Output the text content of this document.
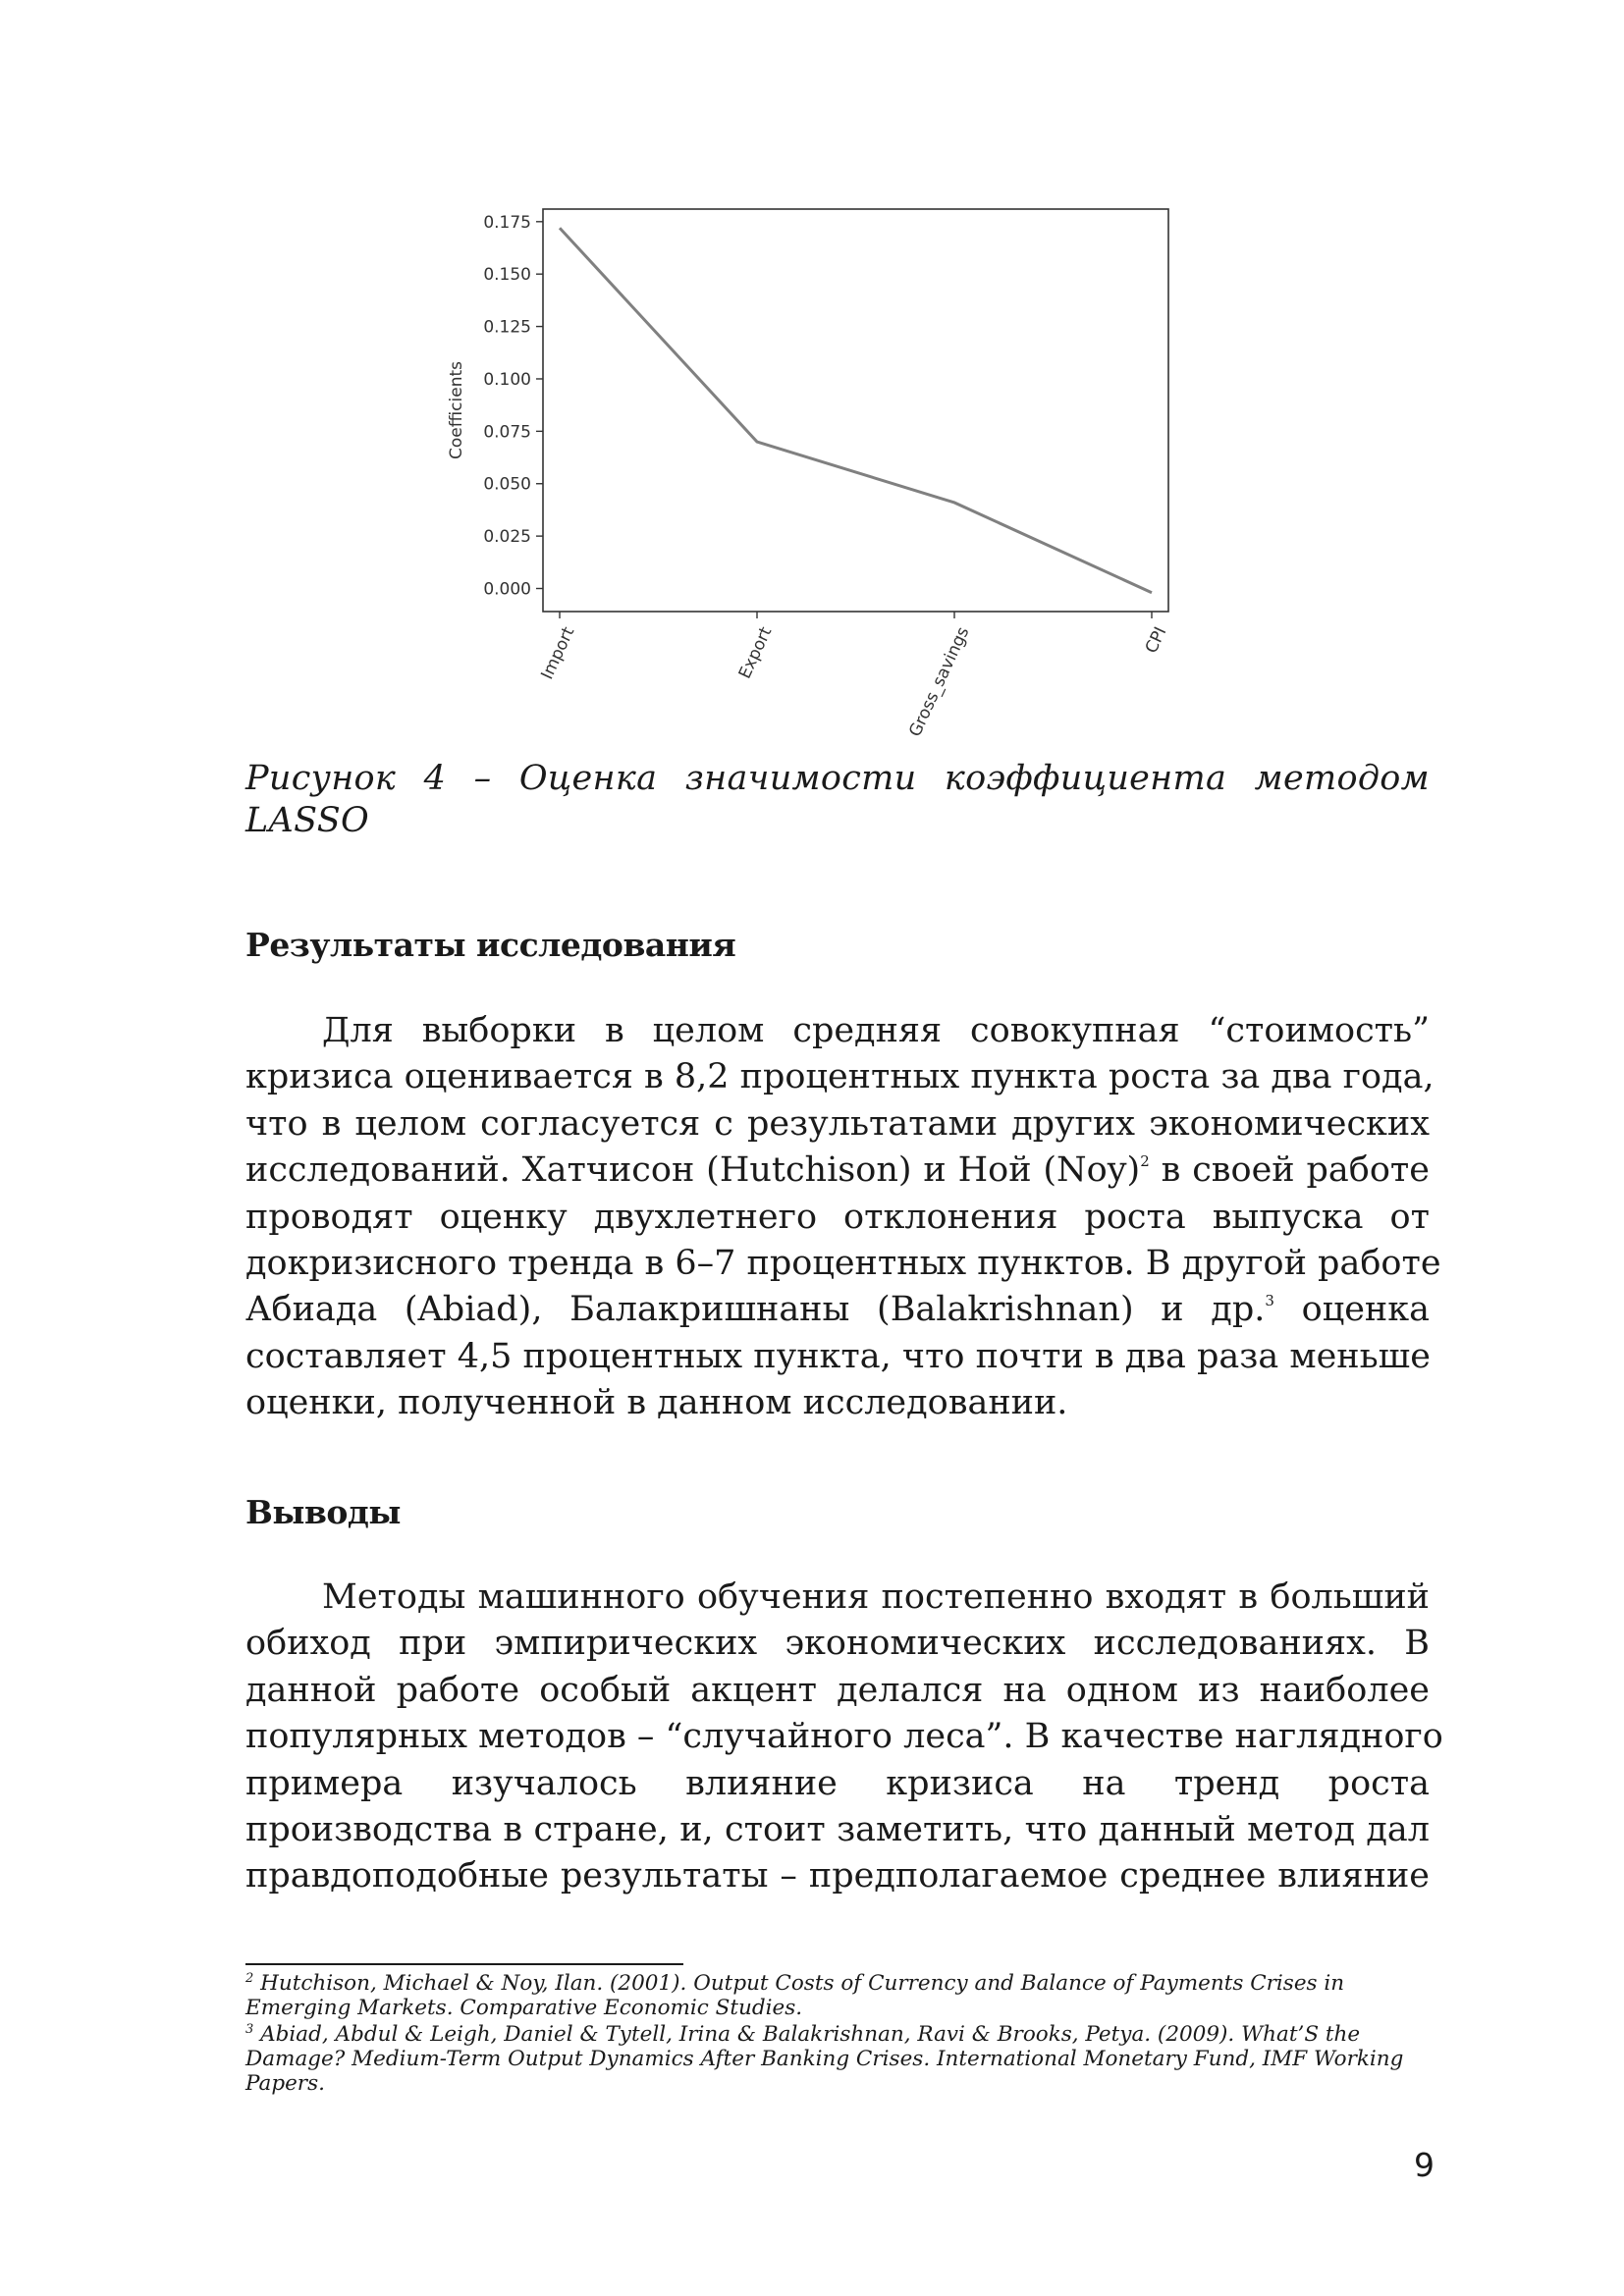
0.000
0.025
0.050
0.075
0.100
0.125
0.150
0.175
Import	Export	Gross_savings	CPI
Coefficients
Рисунок 4 – Оценка значимости коэффициента методом
LASSO
Результаты исследования
Для выборки в целом средняя совокупная “стоимость”
кризиса оценивается в 8,2 процентных пункта роста за два года,
что в целом согласуется с результатами других экономических
исследований. Хатчисон (Hutchison) и Ной (Noy)$^2$ в своей работе
проводят оценку двухлетнего отклонения роста выпуска от
докризисного тренда в 6–7 процентных пунктов. В другой работе
Абиада (Abiad), Балакришнаны (Balakrishnan) и др.$^3$ оценка
составляет 4,5 процентных пункта, что почти в два раза меньше
оценки, полученной в данном исследовании.
Выводы
Методы машинного обучения постепенно входят в больший
обиход при эмпирических экономических исследованиях. В
данной работе особый акцент делался на одном из наиболее
популярных методов – “случайного леса”. В качестве наглядного
примера изучалось влияние кризиса на тренд роста
производства в стране, и, стоит заметить, что данный метод дал
правдоподобные результаты – предполагаемое среднее влияние

$^2$ Hutchison, Michael & Noy, Ilan. (2001). Output Costs of Currency and Balance of Payments Crises in Emerging Markets. Comparative Economic Studies.

$^3$ Abiad, Abdul & Leigh, Daniel & Tytell, Irina & Balakrishnan, Ravi & Brooks, Petya. (2009). What’S the Damage? Medium-Term Output Dynamics After Banking Crises. International Monetary Fund, IMF Working Papers.

9
